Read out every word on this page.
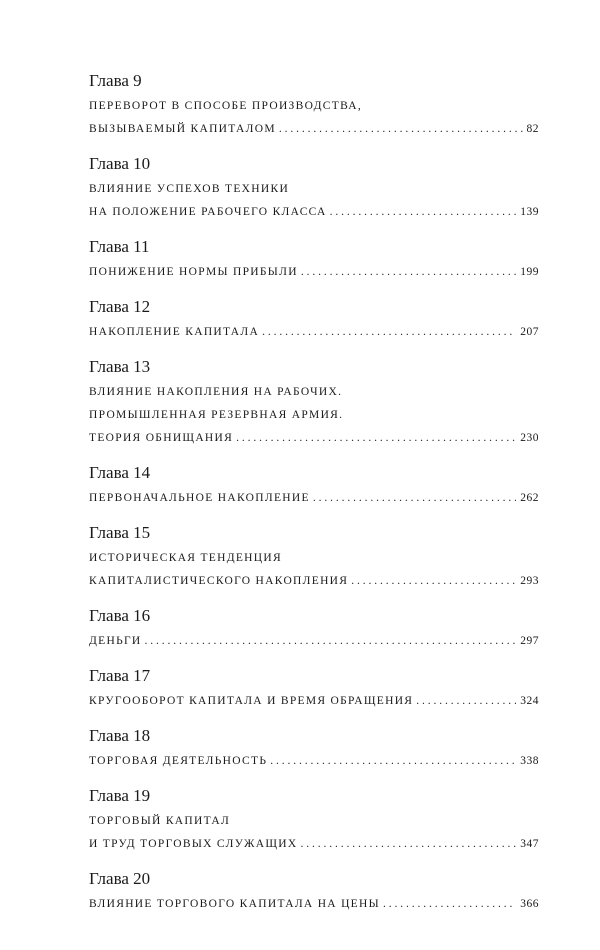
Глава 9
ПЕРЕВОРОТ В СПОСОБЕ ПРОИЗВОДСТВА,
ВЫЗЫВАЕМЫЙ КАПИТАЛОМ . . .	82
Глава 10
ВЛИЯНИЕ УСПЕХОВ ТЕХНИКИ
НА ПОЛОЖЕНИЕ РАБОЧЕГО КЛАССА . . .	139
Глава 11
ПОНИЖЕНИЕ НОРМЫ ПРИБЫЛИ . . .	199
Глава 12
НАКОПЛЕНИЕ КАПИТАЛА . . .	207
Глава 13
ВЛИЯНИЕ НАКОПЛЕНИЯ НА РАБОЧИХ.
ПРОМЫШЛЕННАЯ РЕЗЕРВНАЯ АРМИЯ.
ТЕОРИЯ ОБНИЩАНИЯ . . .	230
Глава 14
ПЕРВОНАЧАЛЬНОЕ НАКОПЛЕНИЕ . . .	262
Глава 15
ИСТОРИЧЕСКАЯ ТЕНДЕНЦИЯ
КАПИТАЛИСТИЧЕСКОГО НАКОПЛЕНИЯ . . .	293
Глава 16
ДЕНЬГИ . . .	297
Глава 17
КРУГООБОРОТ КАПИТАЛА И ВРЕМЯ ОБРАЩЕНИЯ . . .	324
Глава 18
ТОРГОВАЯ ДЕЯТЕЛЬНОСТЬ . . .	338
Глава 19
ТОРГОВЫЙ КАПИТАЛ
И ТРУД ТОРГОВЫХ СЛУЖАЩИХ . . .	347
Глава 20
ВЛИЯНИЕ ТОРГОВОГО КАПИТАЛА НА ЦЕНЫ . . .	366
